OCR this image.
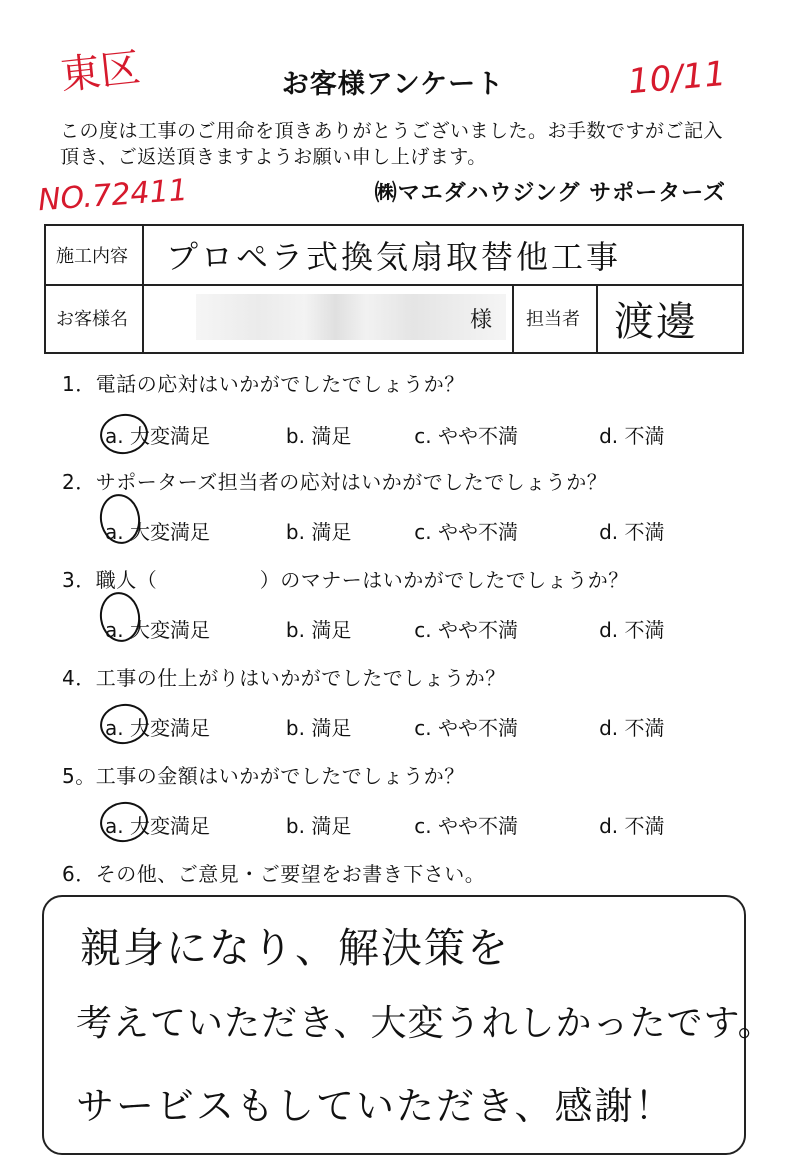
お客様アンケート
この度は工事のご用命を頂きありがとうございました。お手数ですがご記入頂き、ご返送頂きますようお願い申し上げます。
㈱マエダハウジング サポーターズ
東区	10/11
NO.72411
施工内容	プロペラ式換気扇取替他工事
お客様名	様 担当者 渡邊
1．電話の応対はいかがでしたでしょうか？
a. 大変満足	b. 満足	c. やや不満	d. 不満
2．サポーターズ担当者の応対はいかがでしたでしょうか？
a. 大変満足	b. 満足	c. やや不満	d. 不満
3．職人（　　　　　）のマナーはいかがでしたでしょうか？
a. 大変満足	b. 満足	c. やや不満	d. 不満
4．工事の仕上がりはいかがでしたでしょうか？
a. 大変満足	b. 満足	c. やや不満	d. 不満
5。工事の金額はいかがでしたでしょうか？
a. 大変満足	b. 満足	c. やや不満	d. 不満
6．その他、ご意見・ご要望をお書き下さい。
親身になり、解決策を
考えていただき、大変うれしかったです。
サービスもしていただき、感謝！
